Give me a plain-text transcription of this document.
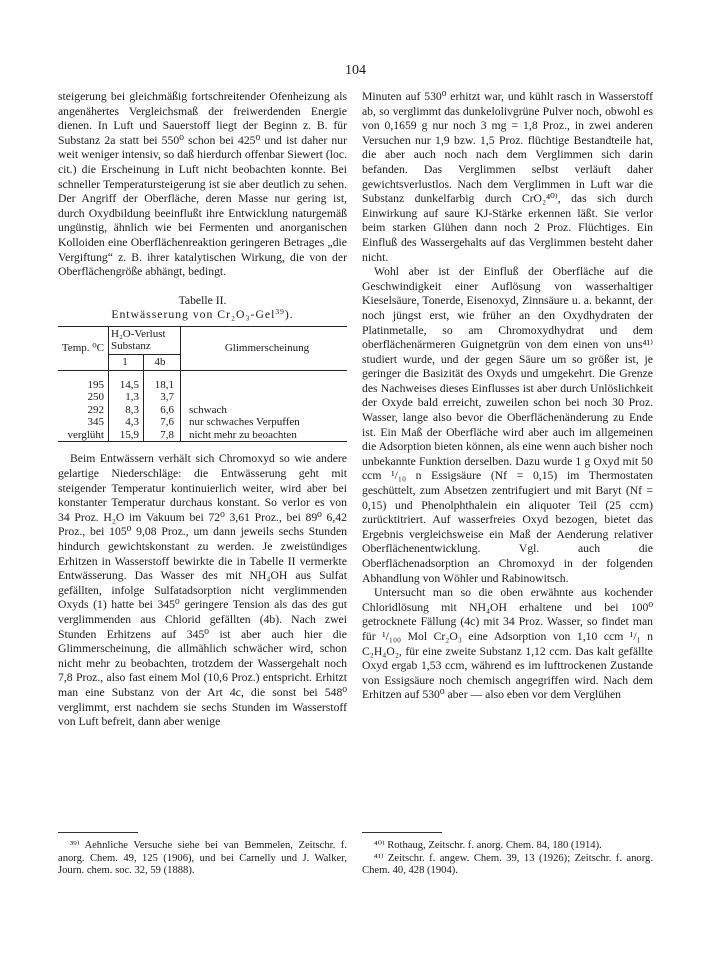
104

steigerung bei gleichmäßig fortschreitender Ofenheizung als angenähertes Vergleichsmaß der freiwerdenden Energie dienen. In Luft und Sauerstoff liegt der Beginn z. B. für Substanz 2a statt bei 550⁰ schon bei 425⁰ und ist daher nur weit weniger intensiv, so daß hierdurch offenbar Siewert (loc. cit.) die Erscheinung in Luft nicht beobachten konnte. Bei schneller Temperatursteigerung ist sie aber deutlich zu sehen. Der Angriff der Oberfläche, deren Masse nur gering ist, durch Oxydbildung beeinflußt ihre Entwicklung naturgemäß ungünstig, ähnlich wie bei Fermenten und anorganischen Kolloiden eine Oberflächenreaktion geringeren Betrages „die Vergiftung“ z. B. ihrer katalytischen Wirkung, die von der Oberflächengröße abhängt, bedingt.

Tabelle II.
Entwässerung von Cr₂O₃-Gel$^{39}$).
Temp. ⁰C	H₂O-Verlust Substanz		Glimmerscheinung
	1	4b	

195	14,5	18,1	
250	1,3	3,7	
292	8,3	6,6	schwach
345	4,3	7,6	nur schwaches Verpuffen
verglüht	15,9	7,8	nicht mehr zu beoachten

Beim Entwässern verhält sich Chromoxyd so wie andere gelartige Niederschläge: die Entwässerung geht mit steigender Temperatur kontinuierlich weiter, wird aber bei konstanter Temperatur durchaus konstant. So verlor es von 34 Proz. H₂O im Vakuum bei 72⁰ 3,61 Proz., bei 89⁰ 6,42 Proz., bei 105⁰ 9,08 Proz., um dann jeweils sechs Stunden hindurch gewichtskonstant zu werden. Je zweistündiges Erhitzen in Wasserstoff bewirkte die in Tabelle II vermerkte Entwässerung. Das Wasser des mit NH₄OH aus Sulfat gefällten, infolge Sulfatadsorption nicht verglimmenden Oxyds (1) hatte bei 345⁰ geringere Tension als das des gut verglimmenden aus Chlorid gefällten (4b). Nach zwei Stunden Erhitzens auf 345⁰ ist aber auch hier die Glimmerscheinung, die allmählich schwächer wird, schon nicht mehr zu beobachten, trotzdem der Wassergehalt noch 7,8 Proz., also fast einem Mol (10,6 Proz.) entspricht. Erhitzt man eine Substanz von der Art 4c, die sonst bei 548⁰ verglimmt, erst nachdem sie sechs Stunden im Wasserstoff von Luft befreit, dann aber wenige

Minuten auf 530⁰ erhitzt war, und kühlt rasch in Wasserstoff ab, so verglimmt das dunkelolivgrüne Pulver noch, obwohl es von 0,1659 g nur noch 3 mg = 1,8 Proz., in zwei anderen Versuchen nur 1,9 bzw. 1,5 Proz. flüchtige Bestandteile hat, die aber auch noch nach dem Verglimmen sich darin befanden. Das Verglimmen selbst verläuft daher gewichtsverlustlos. Nach dem Verglimmen in Luft war die Substanz dunkelfarbig durch CrO₂⁴⁰⁾, das sich durch Einwirkung auf saure KJ-Stärke erkennen läßt. Sie verlor beim starken Glühen dann noch 2 Proz. Flüchtiges. Ein Einfluß des Wassergehalts auf das Verglimmen besteht daher nicht.

Wohl aber ist der Einfluß der Oberfläche auf die Geschwindigkeit einer Auflösung von wasserhaltiger Kieselsäure, Tonerde, Eisenoxyd, Zinnsäure u. a. bekannt, der noch jüngst erst, wie früher an den Oxydhydraten der Platinmetalle, so am Chromoxydhydrat und dem oberflächenärmeren Guignetgrün von dem einen von uns⁴¹⁾ studiert wurde, und der gegen Säure um so größer ist, je geringer die Basizität des Oxyds und umgekehrt. Die Grenze des Nachweises dieses Einflusses ist aber durch Unlöslichkeit der Oxyde bald erreicht, zuweilen schon bei noch 30 Proz. Wasser, lange also bevor die Oberflächenänderung zu Ende ist. Ein Maß der Oberfläche wird aber auch im allgemeinen die Adsorption bieten können, als eine wenn auch bisher noch unbekannte Funktion derselben. Dazu wurde 1 g Oxyd mit 50 ccm ¹/₁₀ n Essigsäure (Nf = 0,15) im Thermostaten geschüttelt, zum Absetzen zentrifugiert und mit Baryt (Nf = 0,15) und Phenolphthalein ein aliquoter Teil (25 ccm) zurücktitriert. Auf wasserfreies Oxyd bezogen, bietet das Ergebnis vergleichsweise ein Maß der Aenderung relativer Oberflächenentwicklung. Vgl. auch die Oberflächenadsorption an Chromoxyd in der folgenden Abhandlung von Wöhler und Rabinowitsch.

Untersucht man so die oben erwähnte aus kochender Chloridlösung mit NH₄OH erhaltene und bei 100⁰ getrocknete Fällung (4c) mit 34 Proz. Wasser, so findet man für ¹/₁₀₀ Mol Cr₂O₃ eine Adsorption von 1,10 ccm ¹/₁ n C₂H₄O₂, für eine zweite Substanz 1,12 ccm. Das kalt gefällte Oxyd ergab 1,53 ccm, während es im lufttrockenen Zustande von Essigsäure noch chemisch angegriffen wird. Nach dem Erhitzen auf 530⁰ aber — also eben vor dem Verglühen

³⁹⁾ Aehnliche Versuche siehe bei van Bemmelen, Zeitschr. f. anorg. Chem. 49, 125 (1906), und bei Carnelly und J. Walker, Journ. chem. soc. 32, 59 (1888).

⁴⁰⁾ Rothaug, Zeitschr. f. anorg. Chem. 84, 180 (1914).

⁴¹⁾ Zeitschr. f. angew. Chem. 39, 13 (1926); Zeitschr. f. anorg. Chem. 40, 428 (1904).
